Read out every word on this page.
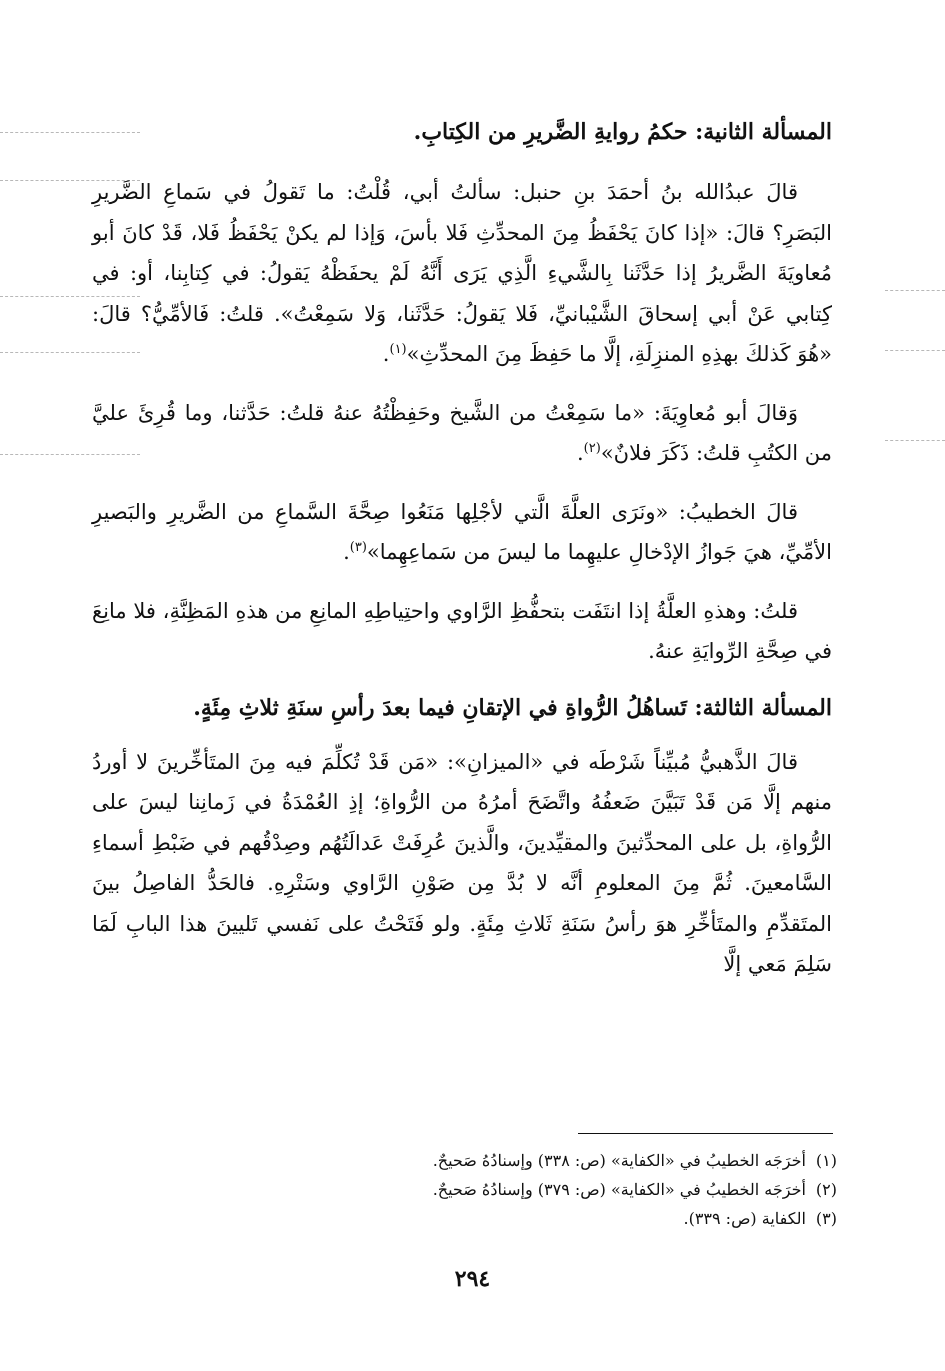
المسألة الثانية: حكمُ روايةِ الضَّريرِ من الكِتابِ.

قالَ عبدُالله بنُ أحمَدَ بنِ حنبل: سألتُ أبي، قُلْتُ: ما تَقولُ في سَماعِ الضَّريرِ البَصَرِ؟ قالَ: «إذا كانَ يَحْفَظُ مِنَ المحدِّثِ فَلا بأسَ، وَإذا لم يكنْ يَحْفَظُ فَلا، قَدْ كانَ أبو مُعاويَةَ الضَّريرُ إذا حَدَّثَنا بِالشَّيءِ الَّذِي يَرَى أَنَّهُ لَمْ يحفَظْهُ يَقولُ: في كِتابِنا، أو: في كِتابي عَنْ أبي إسحاقَ الشَّيْبانيِّ، فَلا يَقولُ: حَدَّثَنا، وَلا سَمِعْتُ». قلتُ: فَالأمِّيُّ؟ قالَ: «هُوَ كَذلكَ بهذِهِ المنزِلَةِ، إلَّا ما حَفِظَ مِنَ المحدِّثِ»$^{(١)}$.

وَقالَ أبو مُعاوِيَةَ: «ما سَمِعْتُ من الشَّيخ وحَفِظْتُهُ عنهُ قلتُ: حَدَّثنا، وما قُرِئَ عليَّ من الكتُبِ قلتُ: ذَكَرَ فلانٌ»$^{(٢)}$.

قالَ الخطيبُ: «ونَرَى العلَّةَ الَّتي لأجْلِها مَنَعُوا صِحَّةَ السَّماعِ من الضَّريرِ والبَصيرِ الأمِّيِّ، هيَ جَوازُ الإدْخالِ عليهِما ما ليسَ من سَماعِهِما»$^{(٣)}$.

قلتُ: وهذهِ العلَّةُ إذا انتَفَت بتحفُّظِ الرَّاوي واحتِياطِهِ المانِعِ من هذهِ المَظِنَّةِ، فلا مانِعَ في صِحَّةِ الرِّوايَةِ عنهُ.

المسألة الثالثة: تَساهُلُ الرُّواةِ في الإتقانِ فيما بعدَ رأسِ سنَةِ ثلاثِ مِئَةٍ.

قالَ الذَّهبيُّ مُبيِّناً شَرْطَه في «الميزانِ»: «مَن قَدْ تُكلِّمَ فيه مِنَ المتَأخِّرينَ لا أوردُ منهم إلَّا مَن قَدْ تَبَيَّنَ ضَعفُهُ واتَّضَحَ أمرُهُ من الرُّواةِ؛ إذِ العُمْدَةُ في زَمانِنا ليسَ على الرُّواةِ، بل على المحدِّثينَ والمقيِّدينَ، والَّذينَ عُرِفَتْ عَدالَتُهُم وصِدْقُهم في ضَبْطِ أسماءِ السَّامعينَ. ثُمَّ مِنَ المعلومِ أنَّه لا بُدَّ مِن صَوْنِ الرَّاوي وسَتْرِهِ. فالحَدُّ الفاصِلُ بينَ المتَقدِّمِ والمتَأخِّرِ هوَ رأسُ سَنَةِ ثَلاثِ مِئَةٍ. ولو فَتَحْتُ على نَفسي تَليينَ هذا البابِ لَمَا سَلِمَ مَعي إلَّا

(١)أخرَجَه الخطيبُ في «الكفاية» (ص: ٣٣٨) وإسنادُهُ صَحيحٌ.
(٢)أخرَجَه الخطيبُ في «الكفاية» (ص: ٣٧٩) وإسنادُهُ صَحيحٌ.
(٣)الكفاية (ص: ٣٣٩).
٢٩٤
